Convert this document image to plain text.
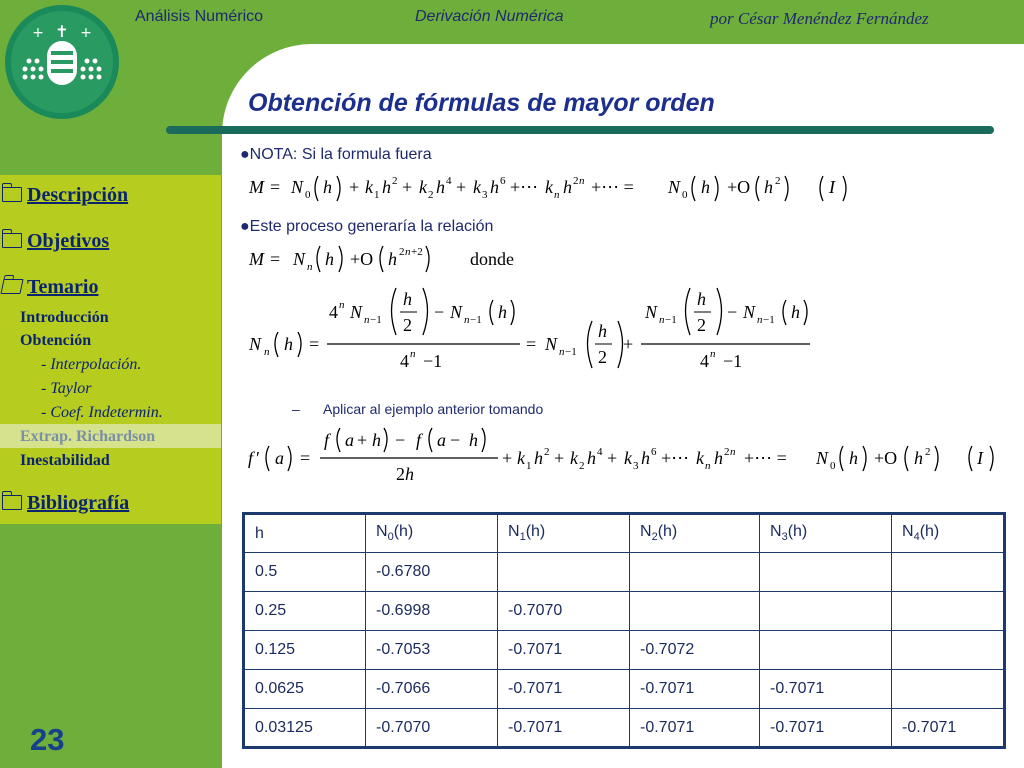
✝
+	+
Análisis Numérico	Derivación Numérica	por César Menéndez Fernández
Obtención de fórmulas de mayor orden
Descripción
Objetivos
Temario
Introducción
Obtención
- Interpolación.
- Taylor
- Coef. Indetermin.
Extrap. Richardson
Inestabilidad
Bibliografía
23
●NOTA: Si la formula fuera
●Este proceso generaría la relación
– Aplicar al ejemplo anterior tomando
M = N 0 h + k 1 h 2 + k 2 h 4 + k 3 h 6 +⋯ k n h 2 n +⋯ = N 0 h +O h 2	I
M = N n h +O h 2 n +2	donde
N n h =
4 n N n −1
h
2
− N n −1 h
4 n −1
= N n −1
h
2
+
N n −1
h
2
− N n −1 h
4 n −1
f ′ a =
f a + h − f a − h
2 h
+ k 1 h 2 + k 2 h 4 + k 3 h 6 +⋯ k n h 2 n +⋯ = N 0 h +O h 2	I
h	$N_0(h)$	$N_1(h)$	$N_2(h)$	$N_3(h)$	$N_4(h)$
0.5	-0.6780				
0.25	-0.6998	-0.7070			
0.125	-0.7053	-0.7071	-0.7072		
0.0625	-0.7066	-0.7071	-0.7071	-0.7071	
0.03125	-0.7070	-0.7071	-0.7071	-0.7071	-0.7071
